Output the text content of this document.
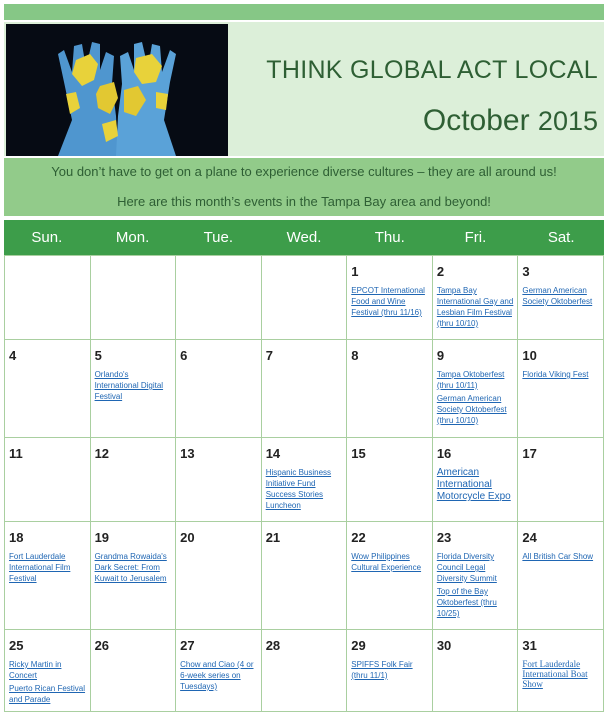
THINK GLOBAL ACT LOCAL
October 2015

You don’t have to get on a plane to experience diverse cultures – they are all around us!

Here are this month’s events in the Tampa Bay area and beyond!

Sun.	Mon.	Tue.	Wed.	Thu.	Fri.	Sat.

				1
EPCOT International Food and Wine Festival (thru 11/16)	2
Tampa Bay International Gay and Lesbian Film Festival (thru 10/10)	3
German American Society Oktoberfest

4	5
Orlando's International Digital Festival	6	7	8	9
Tampa Oktoberfest (thru 10/11)
German American Society Oktoberfest (thru 10/10)	10
Florida Viking Fest

11	12	13	14
Hispanic Business Initiative Fund Success Stories Luncheon	15	16
American International Motorcycle Expo	17

18
Fort Lauderdale International Film Festival	19
Grandma Rowaida's Dark Secret: From Kuwait to Jerusalem	20	21	22
Wow Philippines Cultural Experience	23
Florida Diversity Council Legal Diversity Summit
Top of the Bay Oktoberfest (thru 10/25)	24
All British Car Show

25
Ricky Martin in Concert
Puerto Rican Festival and Parade	26	27
Chow and Ciao (4 or 6-week series on Tuesdays)	28	29
SPIFFS Folk Fair (thru 11/1)	30	31
Fort Lauderdale International Boat Show
